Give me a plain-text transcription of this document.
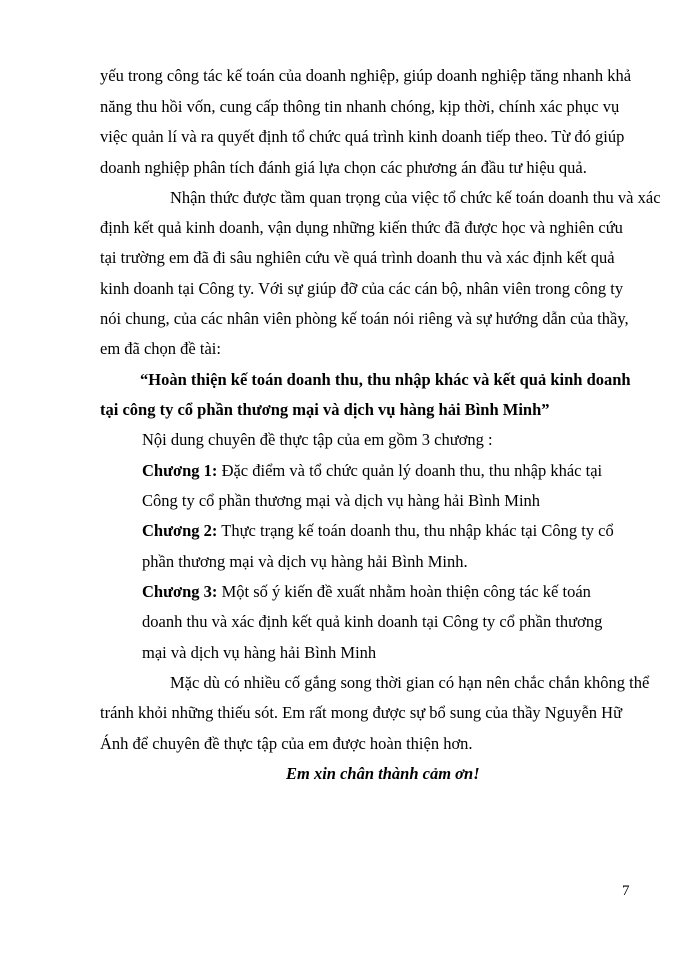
yếu trong công tác kế toán của doanh nghiệp, giúp doanh nghiệp tăng nhanh khả
năng thu hồi vốn, cung cấp thông tin nhanh chóng, kịp thời, chính xác phục vụ
việc quản lí và ra quyết định tổ chức quá trình kinh doanh tiếp theo. Từ đó giúp
doanh nghiệp phân tích đánh giá lựa chọn các phương án đầu tư hiệu quả.
Nhận thức được tầm quan trọng của việc tổ chức kế toán doanh thu và xác
định kết quả kinh doanh, vận dụng những kiến thức đã được học và nghiên cứu
tại trường em đã đi sâu nghiên cứu về quá trình doanh thu và xác định kết quả
kinh doanh tại Công ty. Với sự giúp đỡ của các cán bộ, nhân viên trong công ty
nói chung, của các nhân viên phòng kế toán nói riêng và sự hướng dẫn của thầy,
em đã chọn đề tài:
“Hoàn thiện kế toán doanh thu, thu nhập khác và kết quả kinh doanh
tại công ty cổ phần thương mại và dịch vụ hàng hải Bình Minh”
Nội dung chuyên đề thực tập của em gồm 3 chương :
Chương 1: Đặc điểm và tổ chức quản lý doanh thu, thu nhập khác tại
Công ty cổ phần thương mại và dịch vụ hàng hải Bình Minh
Chương 2: Thực trạng kế toán doanh thu, thu nhập khác tại Công ty cổ
phần thương mại và dịch vụ hàng hải Bình Minh.
Chương 3: Một số ý kiến đề xuất nhằm hoàn thiện công tác kế toán
doanh thu và xác định kết quả kinh doanh tại Công ty cổ phần thương
mại và dịch vụ hàng hải Bình Minh
Mặc dù có nhiều cố gắng song thời gian có hạn nên chắc chắn không thể
tránh khỏi những thiếu sót. Em rất mong được sự bổ sung của thầy Nguyễn Hữ
Ánh để chuyên đề thực tập của em được hoàn thiện hơn.
Em xin chân thành cảm ơn!
7
